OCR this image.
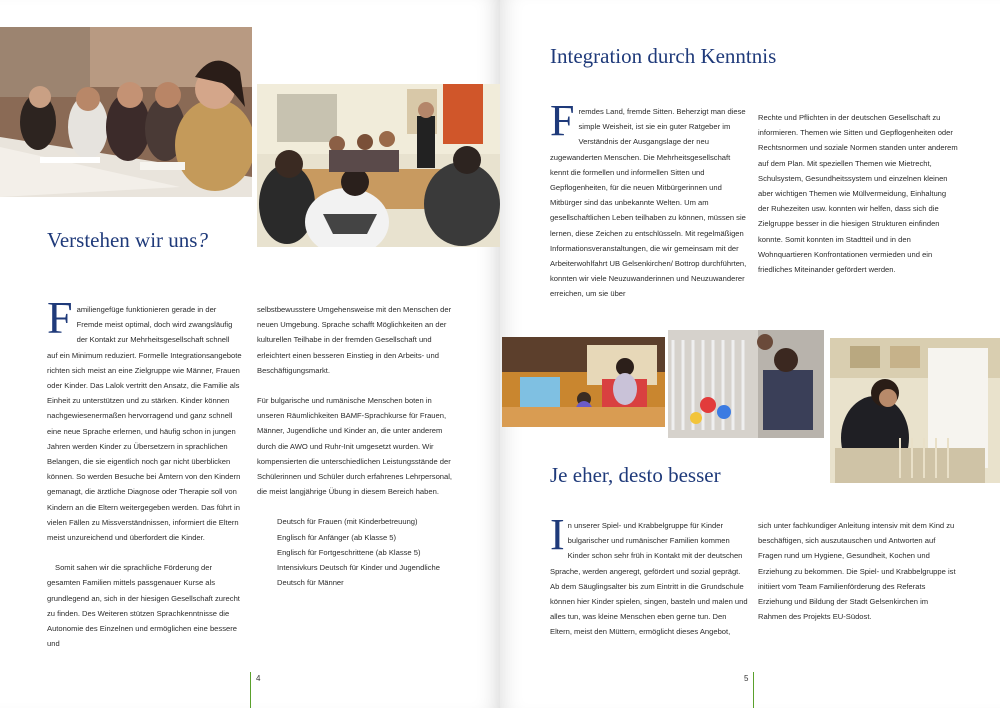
Verstehen wir uns?

Familiengefüge funktionieren gerade in der Fremde meist optimal, doch wird zwangsläufig der Kontakt zur Mehrheitsgesellschaft schnell auf ein Minimum reduziert. Formelle Integrationsangebote richten sich meist an eine Zielgruppe wie Männer, Frauen oder Kinder. Das Lalok vertritt den Ansatz, die Familie als Einheit zu unterstützen und zu stärken. Kinder können nachgewiesenermaßen hervorragend und ganz schnell eine neue Sprache erlernen, und häufig schon in jungen Jahren werden Kinder zu Übersetzern in sprachlichen Belangen, die sie eigentlich noch gar nicht überblicken können. So werden Besuche bei Ämtern von den Kindern gemanagt, die ärztliche Diagnose oder Therapie soll von Kindern an die Eltern weitergegeben werden. Das führt in vielen Fällen zu Missverständnissen, informiert die Eltern meist unzureichend und überfordert die Kinder.

Somit sahen wir die sprachliche Förderung der gesamten Familien mittels passgenauer Kurse als grundlegend an, sich in der hiesigen Gesellschaft zurecht zu finden. Des Weiteren stützen Sprachkenntnisse die Autonomie des Einzelnen und ermöglichen eine bessere und

selbstbewusstere Umgehensweise mit den Menschen der neuen Umgebung. Sprache schafft Möglichkeiten an der kulturellen Teilhabe in der fremden Gesellschaft und erleichtert einen besseren Einstieg in den Arbeits- und Beschäftigungsmarkt.

Für bulgarische und rumänische Menschen boten in unseren Räumlichkeiten BAMF-Sprachkurse für Frauen, Männer, Jugendliche und Kinder an, die unter anderem durch die AWO und Ruhr-Init umgesetzt wurden. Wir kompensierten die unterschiedlichen Leistungsstände der Schülerinnen und Schüler durch erfahrenes Lehrpersonal, die meist langjährige Übung in diesem Bereich haben.

Deutsch für Frauen (mit Kinderbetreuung)
Englisch für Anfänger (ab Klasse 5)
Englisch für Fortgeschrittene (ab Klasse 5)
Intensivkurs Deutsch für Kinder und Jugendliche
Deutsch für Männer
4
Integration durch Kenntnis

Fremdes Land, fremde Sitten. Beherzigt man diese simple Weisheit, ist sie ein guter Ratgeber im Verständnis der Ausgangslage der neu zugewanderten Menschen. Die Mehrheitsgesellschaft kennt die formellen und informellen Sitten und Gepflogenheiten, für die neuen Mitbürgerinnen und Mitbürger sind das unbekannte Welten. Um am gesellschaftlichen Leben teilhaben zu können, müssen sie lernen, diese Zeichen zu entschlüsseln. Mit regelmäßigen Informationsveranstaltungen, die wir gemeinsam mit der Arbeiterwohlfahrt UB Gelsenkirchen/ Bottrop durchführten, konnten wir viele Neuzuwanderinnen und Neuzuwanderer erreichen, um sie über

Rechte und Pflichten in der deutschen Gesellschaft zu informieren. Themen wie Sitten und Gepflogenheiten oder Rechtsnormen und soziale Normen standen unter anderem auf dem Plan. Mit speziellen Themen wie Mietrecht, Schulsystem, Gesundheitssystem und einzelnen kleinen aber wichtigen Themen wie Müllvermeidung, Einhaltung der Ruhezeiten usw. konnten wir helfen, dass sich die Zielgruppe besser in die hiesigen Strukturen einfinden konnte. Somit konnten im Stadtteil und in den Wohnquartieren Konfrontationen vermieden und ein friedliches Miteinander gefördert werden.

Je eher, desto besser

In unserer Spiel- und Krabbelgruppe für Kinder bulgarischer und rumänischer Familien kommen Kinder schon sehr früh in Kontakt mit der deutschen Sprache, werden angeregt, gefördert und sozial geprägt. Ab dem Säuglingsalter bis zum Eintritt in die Grundschule können hier Kinder spielen, singen, basteln und malen und alles tun, was kleine Menschen eben gerne tun. Den Eltern, meist den Müttern, ermöglicht dieses Angebot,

sich unter fachkundiger Anleitung intensiv mit dem Kind zu beschäftigen, sich auszutauschen und Antworten auf Fragen rund um Hygiene, Gesundheit, Kochen und Erziehung zu bekommen. Die Spiel- und Krabbelgruppe ist initiiert vom Team Familienförderung des Referats Erziehung und Bildung der Stadt Gelsenkirchen im Rahmen des Projekts EU-Südost.

5
